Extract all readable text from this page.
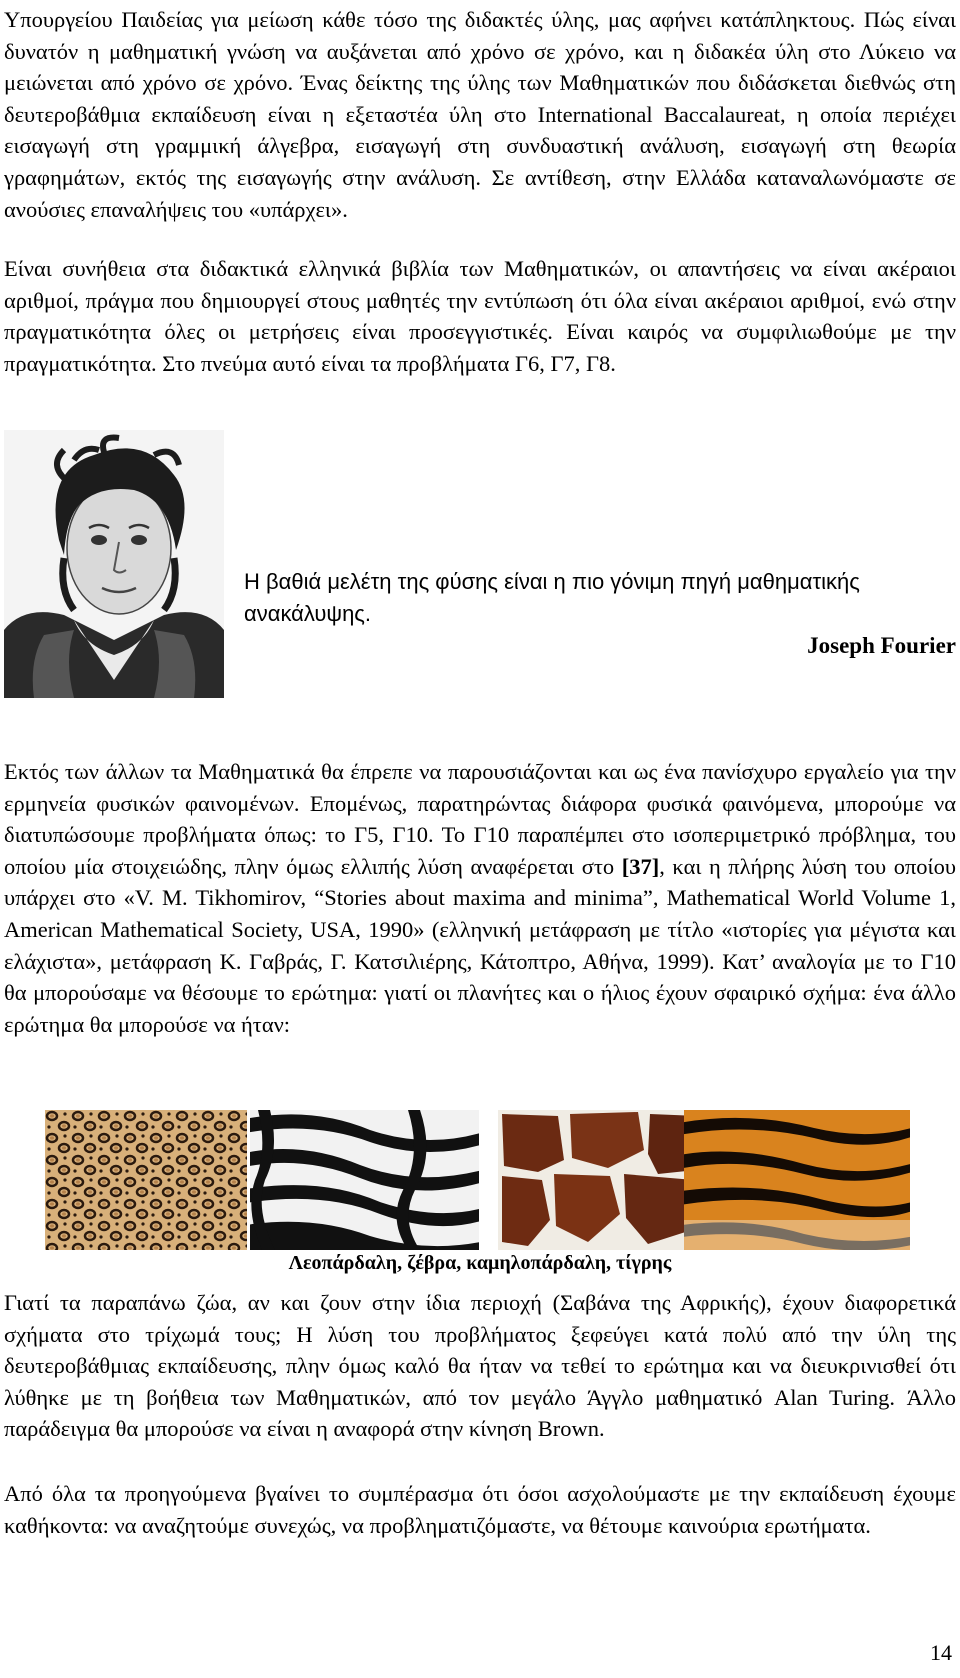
Υπουργείου Παιδείας για μείωση κάθε τόσο της διδακτές ύλης, μας αφήνει κατάπληκτους. Πώς είναι δυνατόν η μαθηματική γνώση να αυξάνεται από χρόνο σε χρόνο, και η διδακέα ύλη στο Λύκειο να μειώνεται από χρόνο σε χρόνο. Ένας δείκτης της ύλης των Μαθηματικών που διδάσκεται διεθνώς στη δευτεροβάθμια εκπαίδευση είναι η εξεταστέα ύλη στο International Baccalaureat, η οποία περιέχει εισαγωγή στη γραμμική άλγεβρα, εισαγωγή στη συνδυαστική ανάλυση, εισαγωγή στη θεωρία γραφημάτων, εκτός της εισαγωγής στην ανάλυση. Σε αντίθεση, στην Ελλάδα καταναλωνόμαστε σε ανούσιες επαναλήψεις του «υπάρχει».

Είναι συνήθεια στα διδακτικά ελληνικά βιβλία των Μαθηματικών, οι απαντήσεις να είναι ακέραιοι αριθμοί, πράγμα που δημιουργεί στους μαθητές την εντύπωση ότι όλα είναι ακέραιοι αριθμοί, ενώ στην πραγματικότητα όλες οι μετρήσεις είναι προσεγγιστικές. Είναι καιρός να συμφιλιωθούμε με την πραγματικότητα. Στο πνεύμα αυτό είναι τα προβλήματα Γ6, Γ7, Γ8.

Η βαθιά μελέτη της φύσης είναι η πιο γόνιμη πηγή μαθηματικής ανακάλυψης.
Joseph Fourier

Εκτός των άλλων τα Μαθηματικά θα έπρεπε να παρουσιάζονται και ως ένα πανίσχυρο εργαλείο για την ερμηνεία φυσικών φαινομένων. Επομένως, παρατηρώντας διάφορα φυσικά φαινόμενα, μπορούμε να διατυπώσουμε προβλήματα όπως: το Γ5, Γ10. Το Γ10 παραπέμπει στο ισοπεριμετρικό πρόβλημα, του οποίου μία στοιχειώδης, πλην όμως ελλιπής λύση αναφέρεται στο [37], και η πλήρης λύση του οποίου υπάρχει στο «V. M. Tikhomirov, “Stories about maxima and minima”, Mathematical World Volume 1, American Mathematical Society, USA, 1990» (ελληνική μετάφραση με τίτλο «ιστορίες για μέγιστα και ελάχιστα», μετάφραση Κ. Γαβράς, Γ. Κατσιλιέρης, Κάτοπτρο, Αθήνα, 1999). Κατ’ αναλογία με το Γ10 θα μπορούσαμε να θέσουμε το ερώτημα: γιατί οι πλανήτες και ο ήλιος έχουν σφαιρικό σχήμα: ένα άλλο ερώτημα θα μπορούσε να ήταν:

Λεοπάρδαλη, ζέβρα, καμηλοπάρδαλη, τίγρης

Γιατί τα παραπάνω ζώα, αν και ζουν στην ίδια περιοχή (Σαβάνα της Αφρικής), έχουν διαφορετικά σχήματα στο τρίχωμά τους; Η λύση του προβλήματος ξεφεύγει κατά πολύ από την ύλη της δευτεροβάθμιας εκπαίδευσης, πλην όμως καλό θα ήταν να τεθεί το ερώτημα και να διευκρινισθεί ότι λύθηκε με τη βοήθεια των Μαθηματικών, από τον μεγάλο Άγγλο μαθηματικό Alan Turing. Άλλο παράδειγμα θα μπορούσε να είναι η αναφορά στην κίνηση Brown.

Από όλα τα προηγούμενα βγαίνει το συμπέρασμα ότι όσοι ασχολούμαστε με την εκπαίδευση έχουμε καθήκοντα: να αναζητούμε συνεχώς, να προβληματιζόμαστε, να θέτουμε καινούρια ερωτήματα.

14
